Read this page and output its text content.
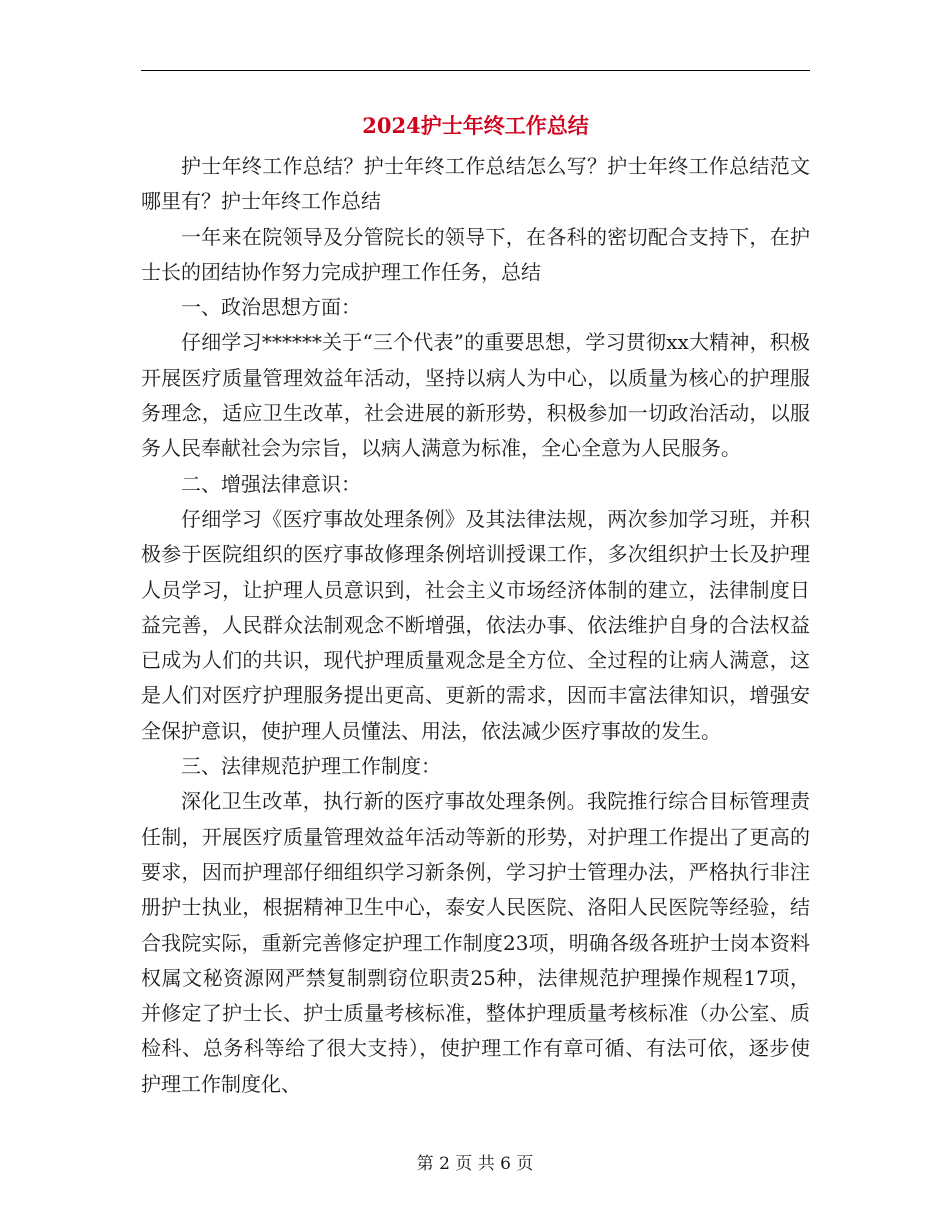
2024护士年终工作总结

护士年终工作总结？护士年终工作总结怎么写？护士年终工作总结范文哪里有？护士年终工作总结

一年来在院领导及分管院长的领导下，在各科的密切配合支持下，在护士长的团结协作努力完成护理工作任务，总结

一、政治思想方面：

仔细学习******关于“三个代表”的重要思想，学习贯彻xx大精神，积极开展医疗质量管理效益年活动，坚持以病人为中心，以质量为核心的护理服务理念，适应卫生改革，社会进展的新形势，积极参加一切政治活动，以服务人民奉献社会为宗旨，以病人满意为标准，全心全意为人民服务。

二、增强法律意识：

仔细学习《医疗事故处理条例》及其法律法规，两次参加学习班，并积极参于医院组织的医疗事故修理条例培训授课工作，多次组织护士长及护理人员学习，让护理人员意识到，社会主义市场经济体制的建立，法律制度日益完善，人民群众法制观念不断增强，依法办事、依法维护自身的合法权益已成为人们的共识，现代护理质量观念是全方位、全过程的让病人满意，这是人们对医疗护理服务提出更高、更新的需求，因而丰富法律知识，增强安全保护意识，使护理人员懂法、用法，依法减少医疗事故的发生。

三、法律规范护理工作制度：

深化卫生改革，执行新的医疗事故处理条例。我院推行综合目标管理责任制，开展医疗质量管理效益年活动等新的形势，对护理工作提出了更高的要求，因而护理部仔细组织学习新条例，学习护士管理办法，严格执行非注册护士执业，根据精神卫生中心，泰安人民医院、洛阳人民医院等经验，结合我院实际，重新完善修定护理工作制度23项，明确各级各班护士岗本资料权属文秘资源网严禁复制剽窃位职责25种，法律规范护理操作规程17项，并修定了护士长、护士质量考核标准，整体护理质量考核标准（办公室、质检科、总务科等给了很大支持），使护理工作有章可循、有法可依，逐步使护理工作制度化、

第 2 页 共 6 页
